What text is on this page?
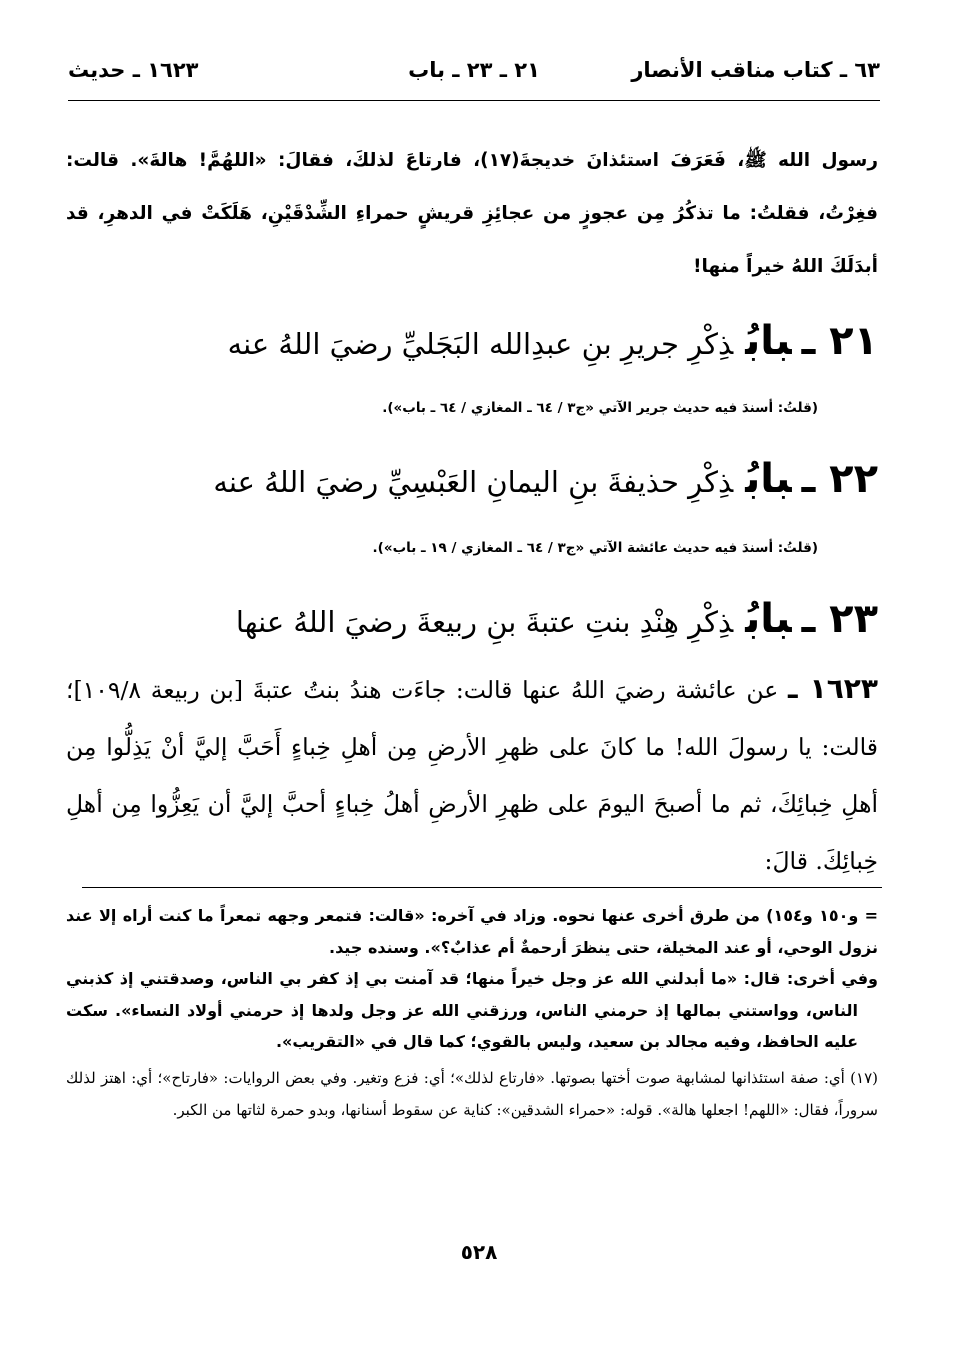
٦٣ ـ كتاب مناقب الأنصار
٢١ ـ ٢٣ ـ باب
١٦٢٣ ـ حديث

رسول الله ﷺ، فَعَرَفَ استئذانَ خديجةَ(١٧)، فارتاعَ لذلكَ، فقالَ: «اللهُمَّ! هالةَ». قالت: فغِرْتُ، فقلتُ: ما تذكُرُ مِن عجوزٍ من عجائِزِ قريشٍ حمراءِ الشِّدْقَيْنِ، هَلَكَتْ في الدهرِ، قد أبدَلَكَ اللهُ خيراً منها!

٢١ ـبابُذِكْرِ جريرِ بنِ عبدِالله البَجَليِّ رضيَ اللهُ عنه
(قلتُ: أسندَ فيه حديث جرير الآتي «ج٣ / ٦٤ ـ المغازي / ٦٤ ـ باب»).
٢٢ ـبابُذِكْرِ حذيفةَ بنِ اليمانِ العَبْسِيِّ رضيَ اللهُ عنه
(قلتُ: أسندَ فيه حديث عائشة الآتي «ج٣ / ٦٤ ـ المغازي / ١٩ ـ باب»).
٢٣ ـبابُذِكْرِ هِنْدِ بنتِ عتبةَ بنِ ربيعةَ رضيَ اللهُ عنها

١٦٢٣ ـ عن عائشة رضيَ اللهُ عنها قالت: جاءَت هندُ بنتُ عتبةَ [بن ربيعة ١٠٩/٨]؛ قالت: يا رسولَ الله! ما كانَ على ظهرِ الأرضِ مِن أهلِ خِباءٍ أَحَبَّ إليَّ أنْ يَذِلُّوا مِن أهلِ خِبائِكَ، ثم ما أصبحَ اليومَ على ظهرِ الأرضِ أهلُ خِباءٍ أحبَّ إليَّ أن يَعِزُّوا مِن أهلِ خِبائِكَ. قالَ:

= و١٥٠ و١٥٤) من طرق أخرى عنها نحوه. وزاد في آخره: «قالت: فتمعر وجهه تمعراً ما كنت أراه إلا عند نزول الوحي، أو عند المخيلة، حتى ينظرَ أرحمةٌ أم عذابٌ؟». وسنده جيد.

وفي أخرى: قال: «ما أبدلني الله عز وجل خيراً منها؛ قد آمنت بي إذ كفر بي الناس، وصدقتني إذ كذبني الناس، وواستني بمالها إذ حرمني الناس، ورزقني الله عز وجل ولدها إذ حرمني أولاد النساء». سكت عليه الحافظ، وفيه مجالد بن سعيد، وليس بالقوي؛ كما قال في «التقريب».

(١٧) أي: صفة استئذانها لمشابهة صوت أختها بصوتها. «فارتاع لذلك»؛ أي: فزع وتغير. وفي بعض الروايات: «فارتاح»؛ أي: اهتز لذلك سروراً، فقال: «اللهم! اجعلها هالة». قوله: «حمراء الشدقين»: كناية عن سقوط أسنانها، وبدو حمرة لثاتها من الكبر.

٥٢٨
